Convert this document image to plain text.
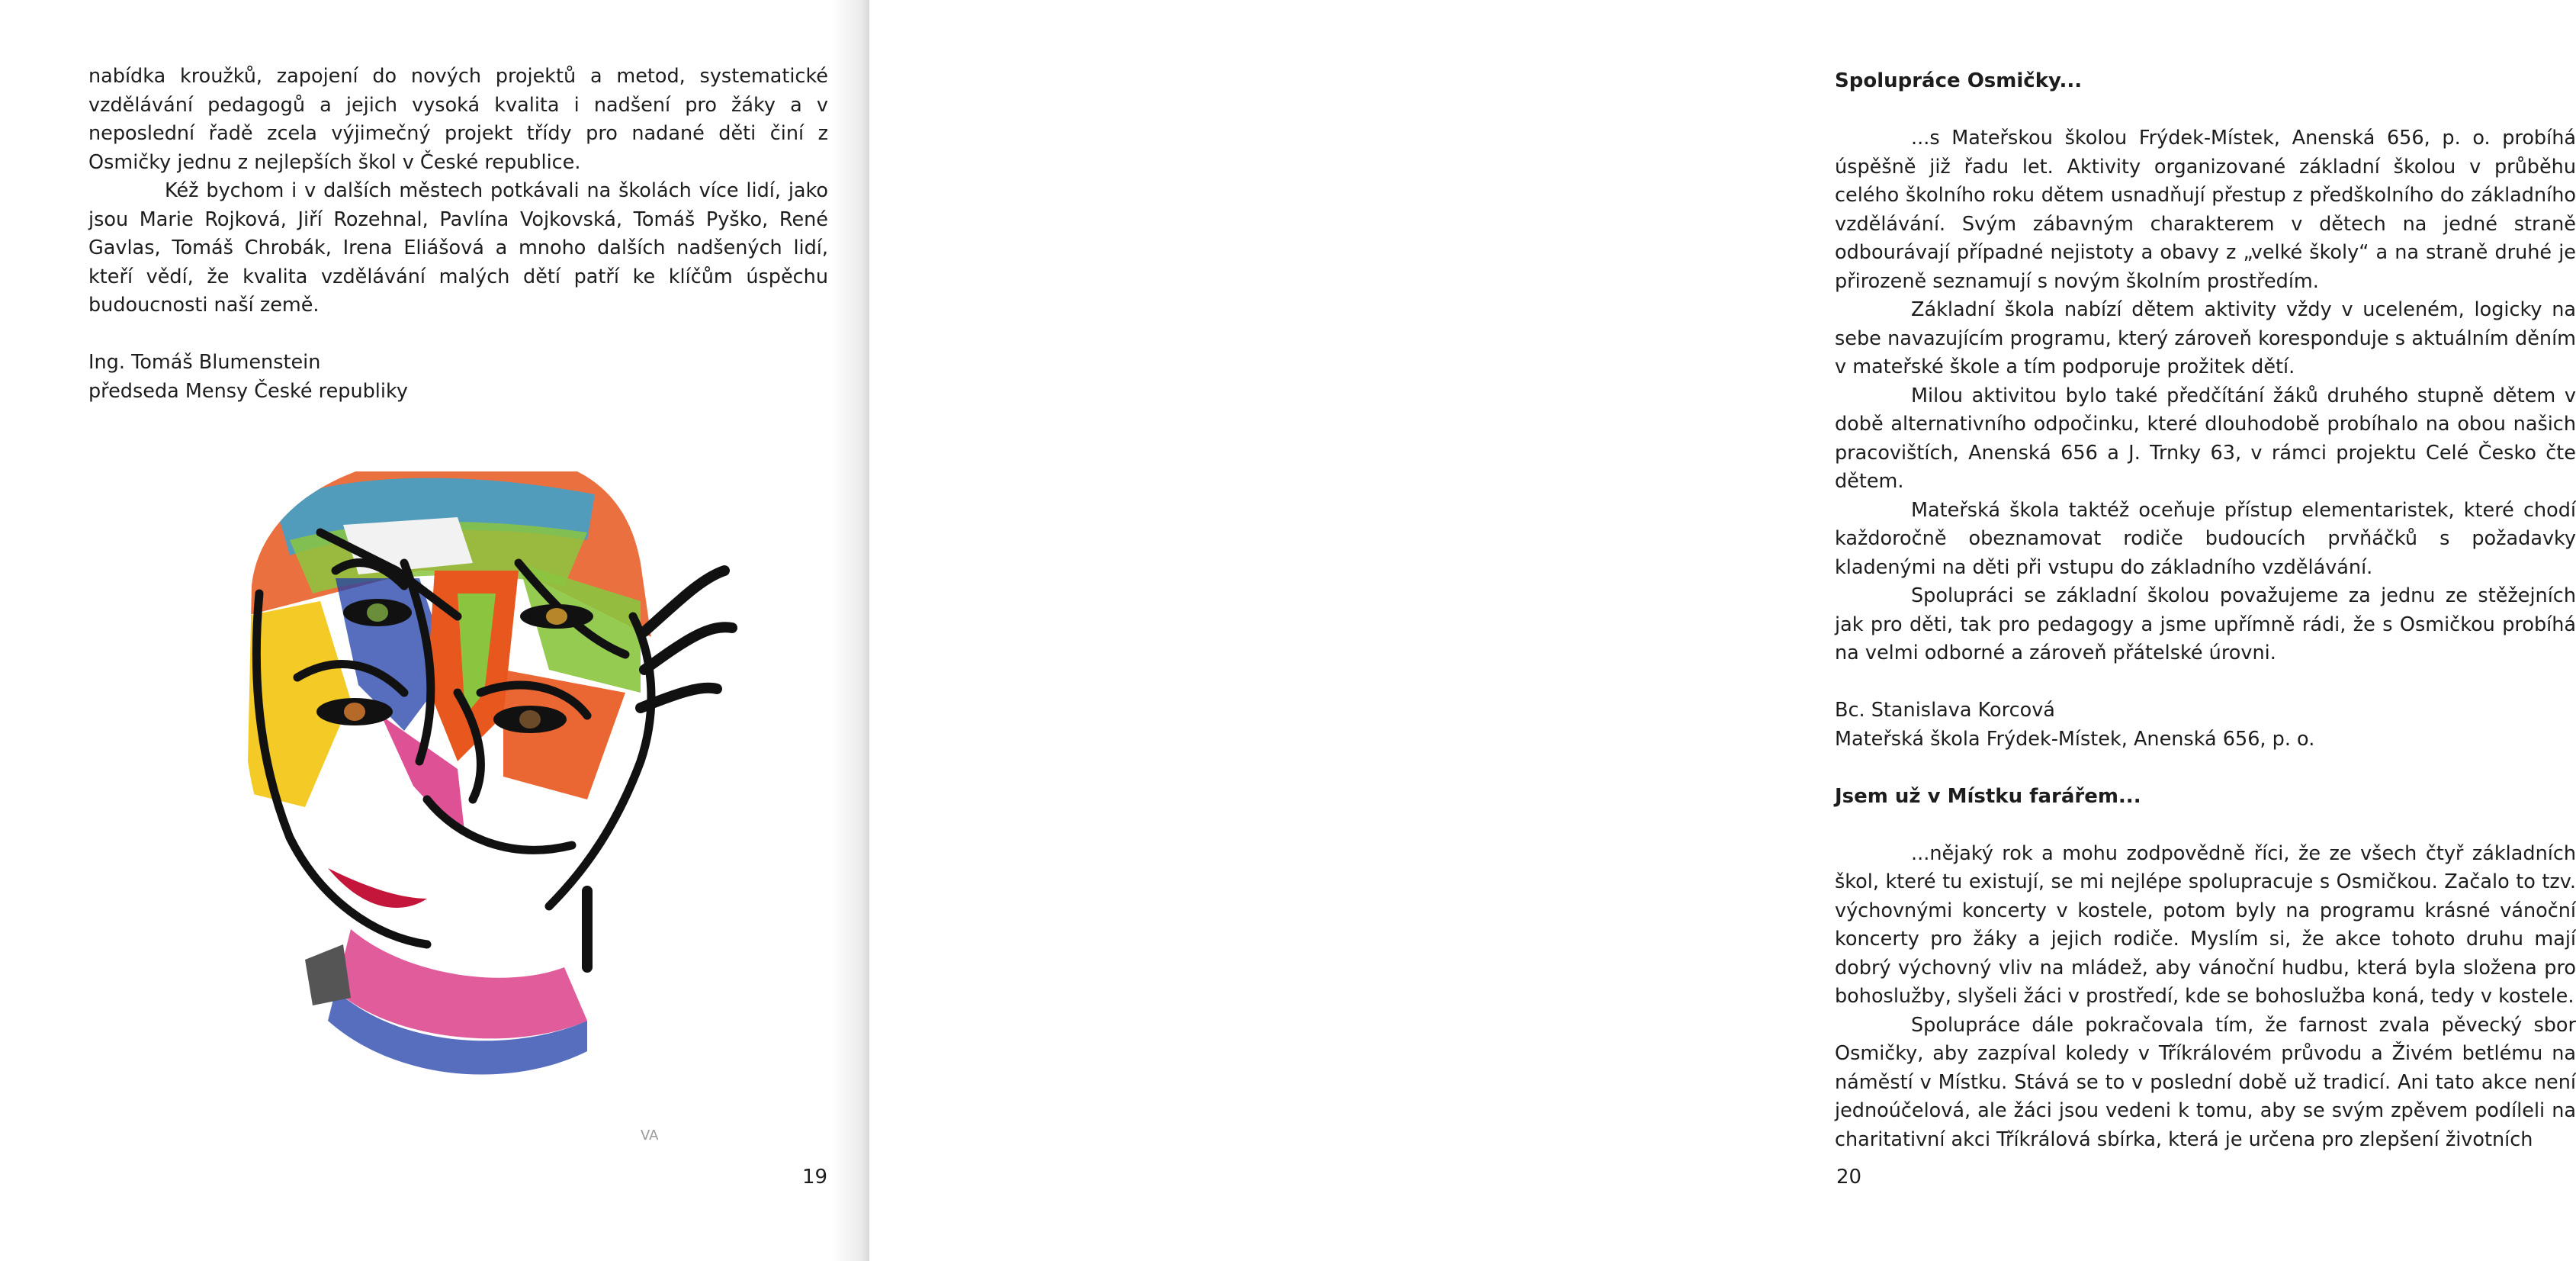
nabídka kroužků, zapojení do nových projektů a metod, systematické vzdělávání pedagogů a jejich vysoká kvalita i nadšení pro žáky a v neposlední řadě zcela výjimečný projekt třídy pro nadané děti činí z Osmičky jednu z nejlepších škol v České republice.

Kéž bychom i v dalších městech potkávali na školách více lidí, jako jsou Marie Rojková, Jiří Rozehnal, Pavlína Vojkovská, Tomáš Pyško, René Gavlas, Tomáš Chrobák, Irena Eliášová a mnoho dalších nadšených lidí, kteří vědí, že kvalita vzdělávání malých dětí patří ke klíčům úspěchu budoucnosti naší země.

Ing. Tomáš Blumenstein

předseda Mensy České republiky

VA
19
Spolupráce Osmičky...

...s Mateřskou školou Frýdek-Místek, Anenská 656, p. o. probíhá úspěšně již řadu let. Aktivity organizované základní školou v průběhu celého školního roku dětem usnadňují přestup z předškolního do základního vzdělávání. Svým zábavným charakterem v dětech na jedné straně odbourávají případné nejistoty a obavy z „velké školy“ a na straně druhé je přirozeně seznamují s novým školním prostředím.

Základní škola nabízí dětem aktivity vždy v uceleném, logicky na sebe navazujícím programu, který zároveň koresponduje s aktuálním děním v mateřské škole a tím podporuje prožitek dětí.

Milou aktivitou bylo také předčítání žáků druhého stupně dětem v době alternativního odpočinku, které dlouhodobě probíhalo na obou našich pracovištích, Anenská 656 a J. Trnky 63, v rámci projektu Celé Česko čte dětem.

Mateřská škola taktéž oceňuje přístup elementaristek, které chodí každoročně obeznamovat rodiče budoucích prvňáčků s požadavky kladenými na děti při vstupu do základního vzdělávání.

Spolupráci se základní školou považujeme za jednu ze stěžejních jak pro děti, tak pro pedagogy a jsme upřímně rádi, že s Osmičkou probíhá na velmi odborné a zároveň přátelské úrovni.

Bc. Stanislava Korcová

Mateřská škola Frýdek-Místek, Anenská 656, p. o.

Jsem už v Místku farářem...

...nějaký rok a mohu zodpovědně říci, že ze všech čtyř základních škol, které tu existují, se mi nejlépe spolupracuje s Osmičkou. Začalo to tzv. výchovnými koncerty v kostele, potom byly na programu krásné vánoční koncerty pro žáky a jejich rodiče. Myslím si, že akce tohoto druhu mají dobrý výchovný vliv na mládež, aby vánoční hudbu, která byla složena pro bohoslužby, slyšeli žáci v prostředí, kde se bohoslužba koná, tedy v kostele.

Spolupráce dále pokračovala tím, že farnost zvala pěvecký sbor Osmičky, aby zazpíval koledy v Tříkrálovém průvodu a Živém betlému na náměstí v Místku. Stává se to v poslední době už tradicí. Ani tato akce není jednoúčelová, ale žáci jsou vedeni k tomu, aby se svým zpěvem podíleli na charitativní akci Tříkrálová sbírka, která je určena pro zlepšení životních

20
